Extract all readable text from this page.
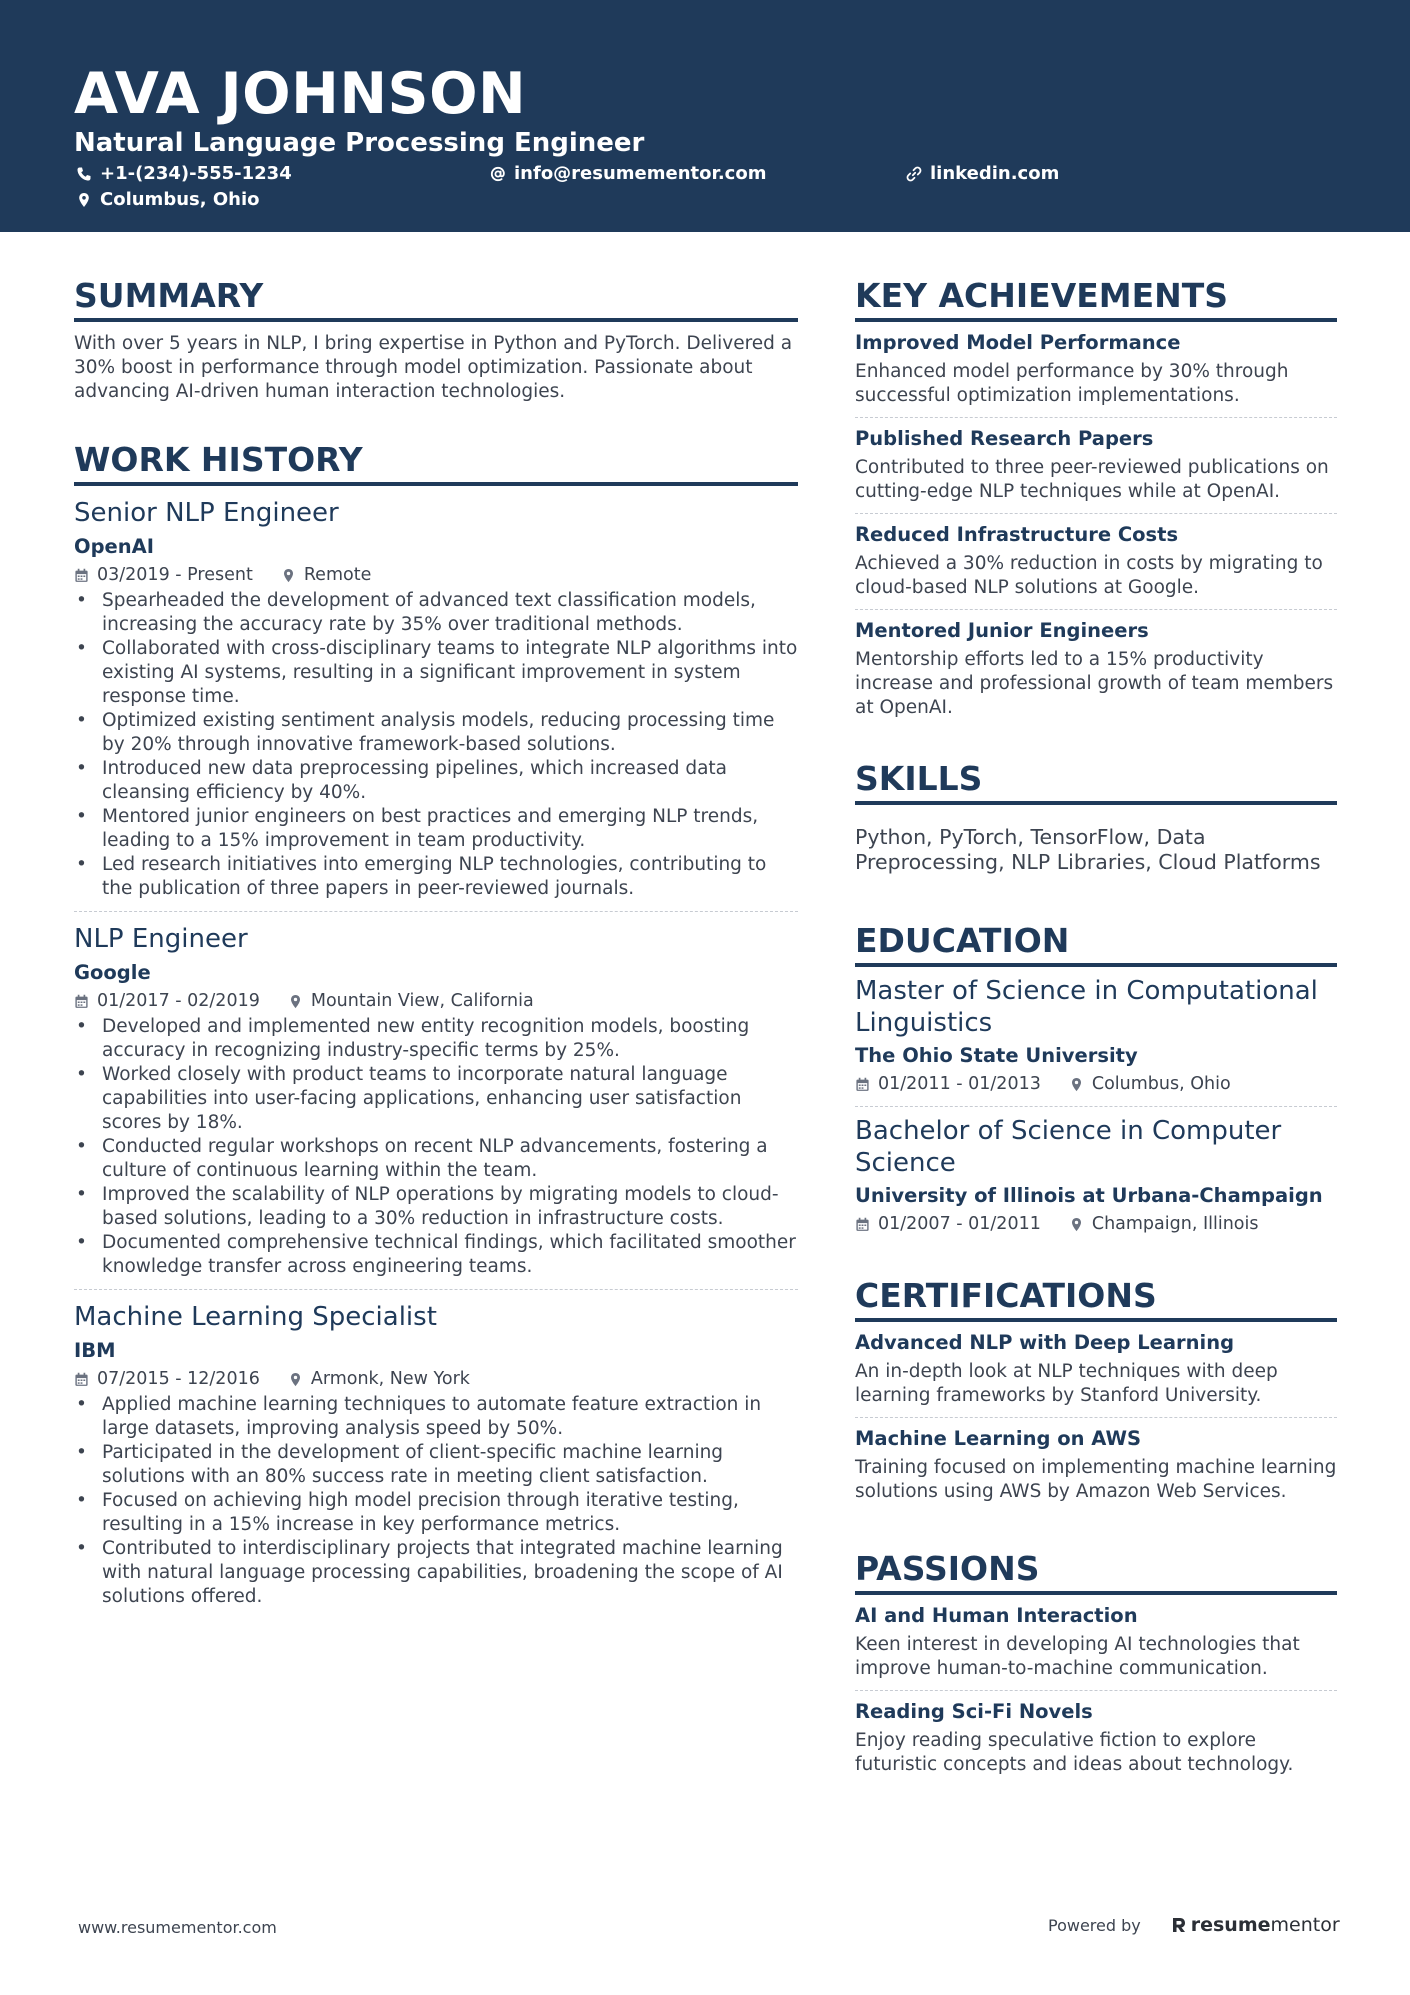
AVA JOHNSON
Natural Language Processing Engineer
+1-(234)-555-1234	info@resumementor.com	linkedin.com
Columbus, Ohio
SUMMARY
With over 5 years in NLP, I bring expertise in Python and PyTorch. Delivered a 30% boost in performance through model optimization. Passionate about advancing AI-driven human interaction technologies.
WORK HISTORY
Senior NLP Engineer
OpenAI
03/2019 - Present	Remote
• Spearheaded the development of advanced text classification models, increasing the accuracy rate by 35% over traditional methods.
• Collaborated with cross-disciplinary teams to integrate NLP algorithms into existing AI systems, resulting in a significant improvement in system response time.
• Optimized existing sentiment analysis models, reducing processing time by 20% through innovative framework-based solutions.
• Introduced new data preprocessing pipelines, which increased data cleansing efficiency by 40%.
• Mentored junior engineers on best practices and emerging NLP trends, leading to a 15% improvement in team productivity.
• Led research initiatives into emerging NLP technologies, contributing to the publication of three papers in peer-reviewed journals.
NLP Engineer
Google
01/2017 - 02/2019	Mountain View, California
• Developed and implemented new entity recognition models, boosting accuracy in recognizing industry-specific terms by 25%.
• Worked closely with product teams to incorporate natural language capabilities into user-facing applications, enhancing user satisfaction scores by 18%.
• Conducted regular workshops on recent NLP advancements, fostering a culture of continuous learning within the team.
• Improved the scalability of NLP operations by migrating models to cloud-based solutions, leading to a 30% reduction in infrastructure costs.
• Documented comprehensive technical findings, which facilitated smoother knowledge transfer across engineering teams.
Machine Learning Specialist
IBM
07/2015 - 12/2016	Armonk, New York
• Applied machine learning techniques to automate feature extraction in large datasets, improving analysis speed by 50%.
• Participated in the development of client-specific machine learning solutions with an 80% success rate in meeting client satisfaction.
• Focused on achieving high model precision through iterative testing, resulting in a 15% increase in key performance metrics.
• Contributed to interdisciplinary projects that integrated machine learning with natural language processing capabilities, broadening the scope of AI solutions offered.
KEY ACHIEVEMENTS
Improved Model Performance
Enhanced model performance by 30% through successful optimization implementations.
Published Research Papers
Contributed to three peer-reviewed publications on cutting-edge NLP techniques while at OpenAI.
Reduced Infrastructure Costs
Achieved a 30% reduction in costs by migrating to cloud-based NLP solutions at Google.
Mentored Junior Engineers
Mentorship efforts led to a 15% productivity increase and professional growth of team members at OpenAI.
SKILLS
Python, PyTorch, TensorFlow, Data Preprocessing, NLP Libraries, Cloud Platforms
EDUCATION
Master of Science in Computational Linguistics
The Ohio State University
01/2011 - 01/2013	Columbus, Ohio
Bachelor of Science in Computer Science
University of Illinois at Urbana-Champaign
01/2007 - 01/2011	Champaign, Illinois
CERTIFICATIONS
Advanced NLP with Deep Learning
An in-depth look at NLP techniques with deep learning frameworks by Stanford University.
Machine Learning on AWS
Training focused on implementing machine learning solutions using AWS by Amazon Web Services.
PASSIONS
AI and Human Interaction
Keen interest in developing AI technologies that improve human-to-machine communication.
Reading Sci-Fi Novels
Enjoy reading speculative fiction to explore futuristic concepts and ideas about technology.
www.resumementor.com	Powered by	resume mentor
